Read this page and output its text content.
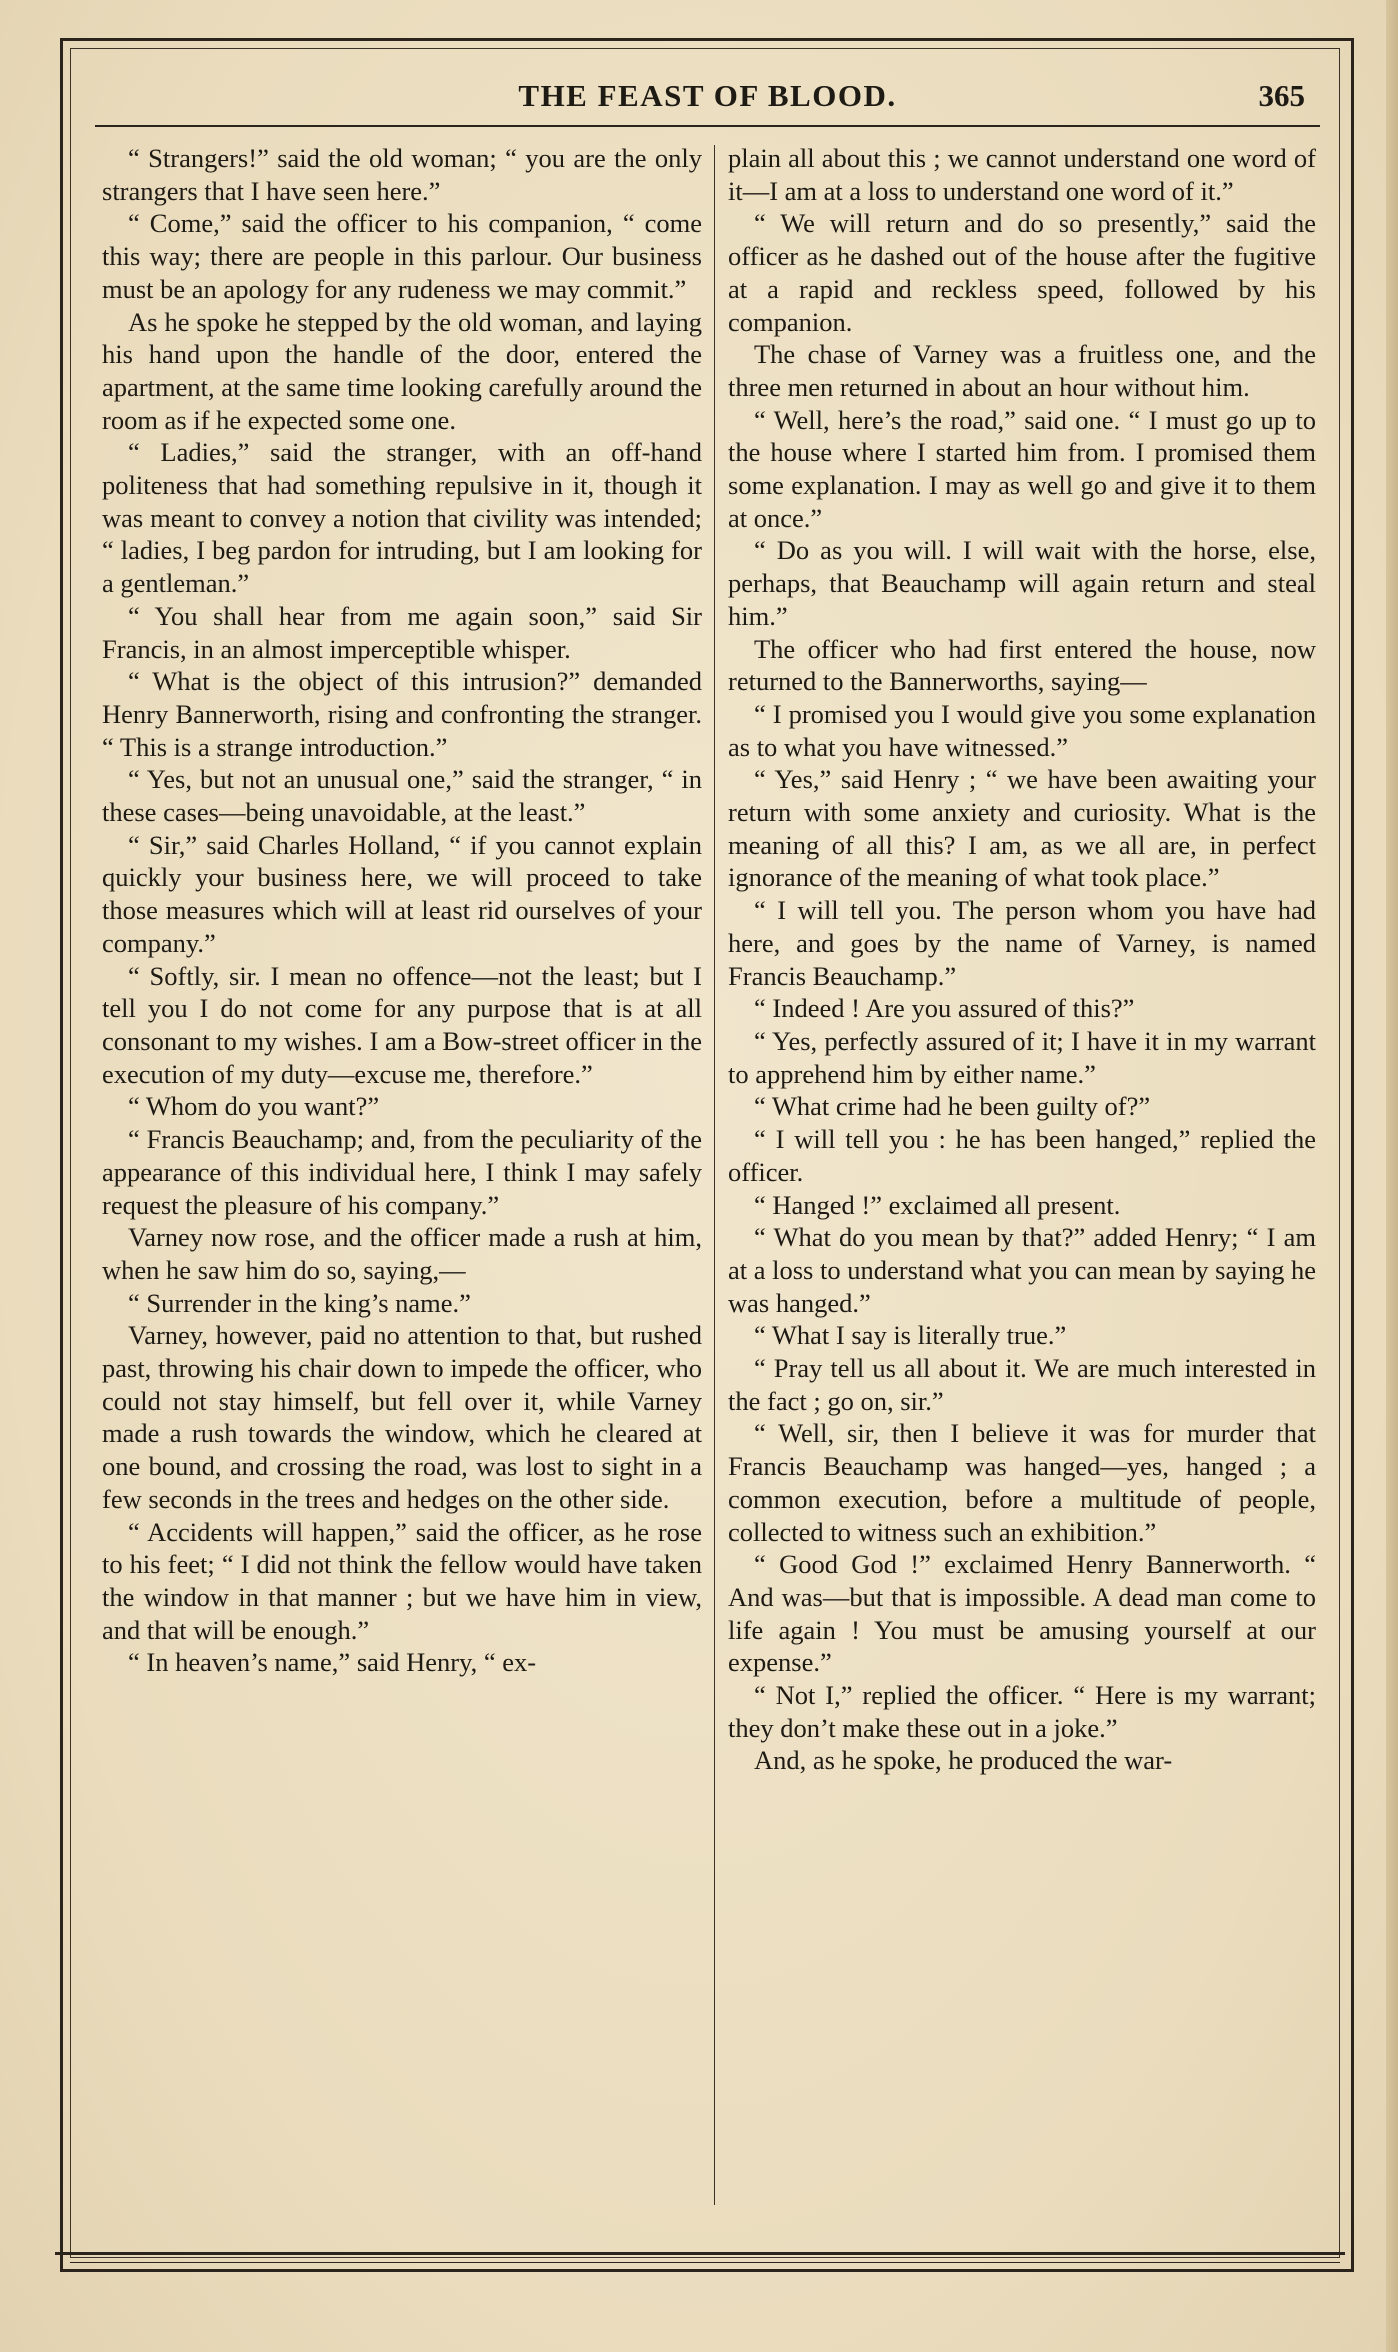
THE FEAST OF BLOOD.	365

“ Strangers!” said the old woman; “ you are the only strangers that I have seen here.”

“ Come,” said the officer to his companion, “ come this way; there are people in this parlour. Our business must be an apology for any rudeness we may commit.”

As he spoke he stepped by the old woman, and laying his hand upon the handle of the door, entered the apartment, at the same time looking carefully around the room as if he expected some one.

“ Ladies,” said the stranger, with an off-hand politeness that had something repulsive in it, though it was meant to convey a notion that civility was intended; “ ladies, I beg pardon for intruding, but I am looking for a gentleman.”

“ You shall hear from me again soon,” said Sir Francis, in an almost imperceptible whisper.

“ What is the object of this intrusion?” demanded Henry Bannerworth, rising and confronting the stranger. “ This is a strange introduction.”

“ Yes, but not an unusual one,” said the stranger, “ in these cases—being unavoidable, at the least.”

“ Sir,” said Charles Holland, “ if you cannot explain quickly your business here, we will proceed to take those measures which will at least rid ourselves of your company.”

“ Softly, sir. I mean no offence—not the least; but I tell you I do not come for any purpose that is at all consonant to my wishes. I am a Bow-street officer in the execution of my duty—excuse me, therefore.”

“ Whom do you want?”

“ Francis Beauchamp; and, from the peculiarity of the appearance of this individual here, I think I may safely request the pleasure of his company.”

Varney now rose, and the officer made a rush at him, when he saw him do so, saying,—

“ Surrender in the king’s name.”

Varney, however, paid no attention to that, but rushed past, throwing his chair down to impede the officer, who could not stay himself, but fell over it, while Varney made a rush towards the window, which he cleared at one bound, and crossing the road, was lost to sight in a few seconds in the trees and hedges on the other side.

“ Accidents will happen,” said the officer, as he rose to his feet; “ I did not think the fellow would have taken the window in that manner ; but we have him in view, and that will be enough.”

“ In heaven’s name,” said Henry, “ ex-

plain all about this ; we cannot understand one word of it—I am at a loss to understand one word of it.”

“ We will return and do so presently,” said the officer as he dashed out of the house after the fugitive at a rapid and reckless speed, followed by his companion.

The chase of Varney was a fruitless one, and the three men returned in about an hour without him.

“ Well, here’s the road,” said one. “ I must go up to the house where I started him from. I promised them some explanation. I may as well go and give it to them at once.”

“ Do as you will. I will wait with the horse, else, perhaps, that Beauchamp will again return and steal him.”

The officer who had first entered the house, now returned to the Bannerworths, saying—

“ I promised you I would give you some explanation as to what you have witnessed.”

“ Yes,” said Henry ; “ we have been awaiting your return with some anxiety and curiosity. What is the meaning of all this? I am, as we all are, in perfect ignorance of the meaning of what took place.”

“ I will tell you. The person whom you have had here, and goes by the name of Varney, is named Francis Beauchamp.”

“ Indeed ! Are you assured of this?”

“ Yes, perfectly assured of it; I have it in my warrant to apprehend him by either name.”

“ What crime had he been guilty of?”

“ I will tell you : he has been hanged,” replied the officer.

“ Hanged !” exclaimed all present.

“ What do you mean by that?” added Henry; “ I am at a loss to understand what you can mean by saying he was hanged.”

“ What I say is literally true.”

“ Pray tell us all about it. We are much interested in the fact ; go on, sir.”

“ Well, sir, then I believe it was for murder that Francis Beauchamp was hanged—yes, hanged ; a common execution, before a multitude of people, collected to witness such an exhibition.”

“ Good God !” exclaimed Henry Bannerworth. “ And was—but that is impossible. A dead man come to life again ! You must be amusing yourself at our expense.”

“ Not I,” replied the officer. “ Here is my warrant; they don’t make these out in a joke.”

And, as he spoke, he produced the war-
